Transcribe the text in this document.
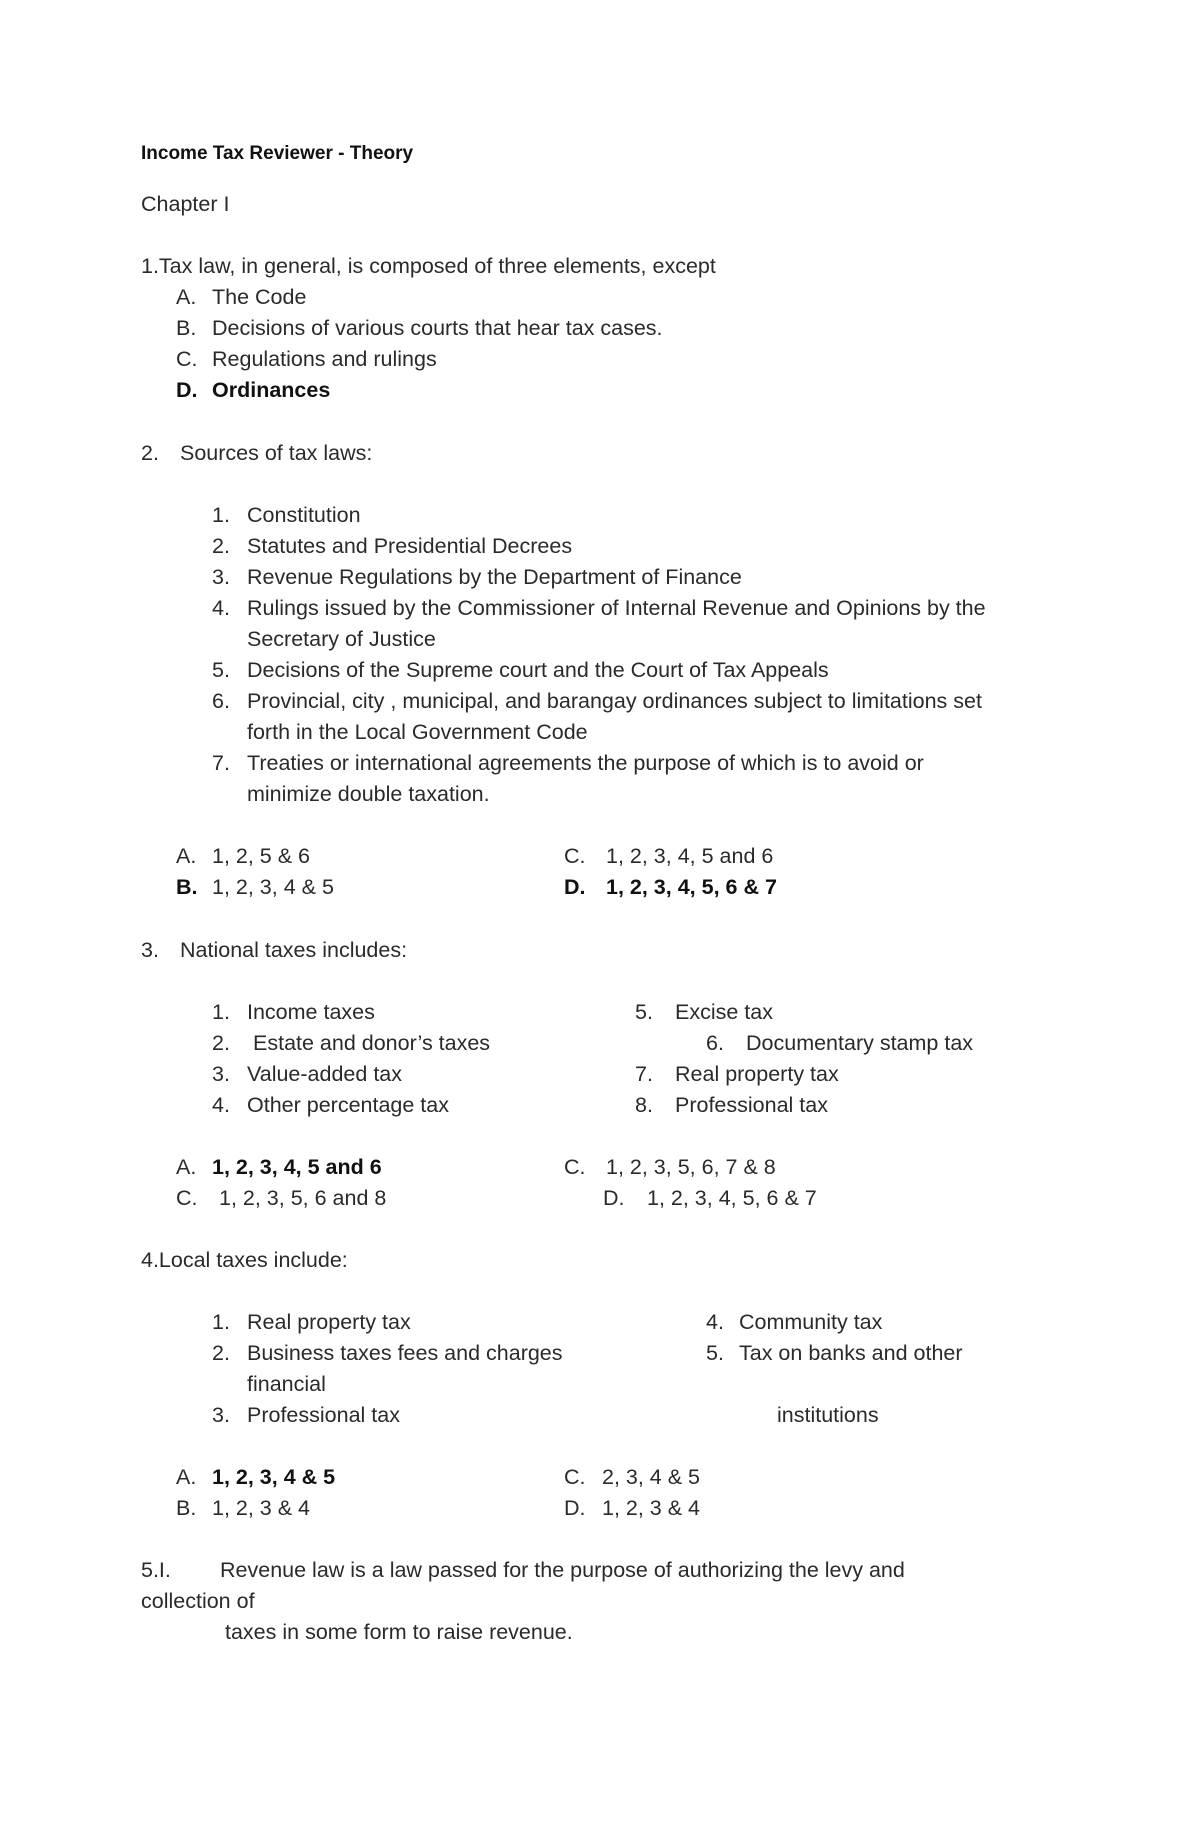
Income Tax Reviewer - Theory
Chapter I
1.Tax law, in general, is composed of three elements, except
A. The Code
B. Decisions of various courts that hear tax cases.
C. Regulations and rulings
D. Ordinances
2. Sources of tax laws:
1. Constitution
2. Statutes and Presidential Decrees
3. Revenue Regulations by the Department of Finance
4. Rulings issued by the Commissioner of Internal Revenue and Opinions by the
Secretary of Justice
5. Decisions of the Supreme court and the Court of Tax Appeals
6. Provincial, city , municipal, and barangay ordinances subject to limitations set
forth in the Local Government Code
7. Treaties or international agreements the purpose of which is to avoid or
minimize double taxation.
A. 1, 2, 5 & 6	C. 1, 2, 3, 4, 5 and 6
B. 1, 2, 3, 4 & 5	D. 1, 2, 3, 4, 5, 6 & 7
3. National taxes includes:
1. Income taxes	5. Excise tax
2. Estate and donor’s taxes	6. Documentary stamp tax
3. Value-added tax	7. Real property tax
4. Other percentage tax	8. Professional tax
A. 1, 2, 3, 4, 5 and 6	C. 1, 2, 3, 5, 6, 7 & 8
C. 1, 2, 3, 5, 6 and 8	D. 1, 2, 3, 4, 5, 6 & 7
4.Local taxes include:
1. Real property tax	4. Community tax
2. Business taxes fees and charges	5. Tax on banks and other
financial
3. Professional tax	institutions
A. 1, 2, 3, 4 & 5	C. 2, 3, 4 & 5
B. 1, 2, 3 & 4	D. 1, 2, 3 & 4
5.I. Revenue law is a law passed for the purpose of authorizing the levy and
collection of
taxes in some form to raise revenue.
